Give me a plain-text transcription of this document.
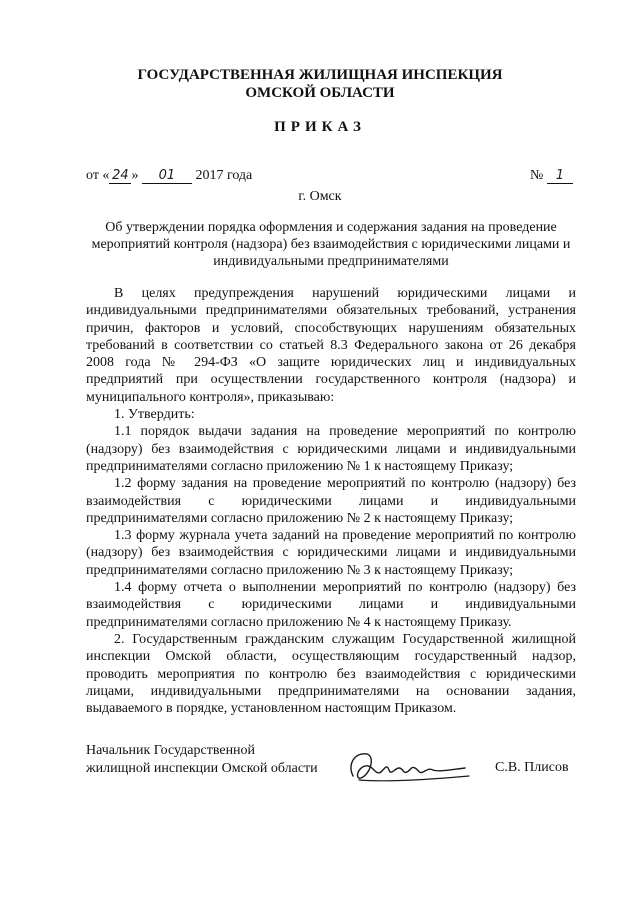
ГОСУДАРСТВЕННАЯ ЖИЛИЩНАЯ ИНСПЕКЦИЯ
ОМСКОЙ ОБЛАСТИ
ПРИКАЗ
от « 24 » 01 2017 года	№ 1
г. Омск
Об утверждении порядка оформления и содержания задания на проведение мероприятий контроля (надзора) без взаимодействия с юридическими лицами и индивидуальными предпринимателями

В целях предупреждения нарушений юридическими лицами и индивидуальными предпринимателями обязательных требований, устранения причин, факторов и условий, способствующих нарушениям обязательных требований в соответствии со статьей 8.3 Федерального закона от 26 декабря 2008 года № 294-ФЗ «О защите юридических лиц и индивидуальных предприятий при осуществлении государственного контроля (надзора) и муниципального контроля», приказываю:

1. Утвердить:

1.1 порядок выдачи задания на проведение мероприятий по контролю (надзору) без взаимодействия с юридическими лицами и индивидуальными предпринимателями согласно приложению № 1 к настоящему Приказу;

1.2 форму задания на проведение мероприятий по контролю (надзору) без взаимодействия с юридическими лицами и индивидуальными предпринимателями согласно приложению № 2 к настоящему Приказу;

1.3 форму журнала учета заданий на проведение мероприятий по контролю (надзору) без взаимодействия с юридическими лицами и индивидуальными предпринимателями согласно приложению № 3 к настоящему Приказу;

1.4 форму отчета о выполнении мероприятий по контролю (надзору) без взаимодействия с юридическими лицами и индивидуальными предпринимателями согласно приложению № 4 к настоящему Приказу.

2. Государственным гражданским служащим Государственной жилищной инспекции Омской области, осуществляющим государственный надзор, проводить мероприятия по контролю без взаимодействия с юридическими лицами, индивидуальными предпринимателями на основании задания, выдаваемого в порядке, установленном настоящим Приказом.

Начальник Государственной
жилищной инспекции Омской области	С.В. Плисов
